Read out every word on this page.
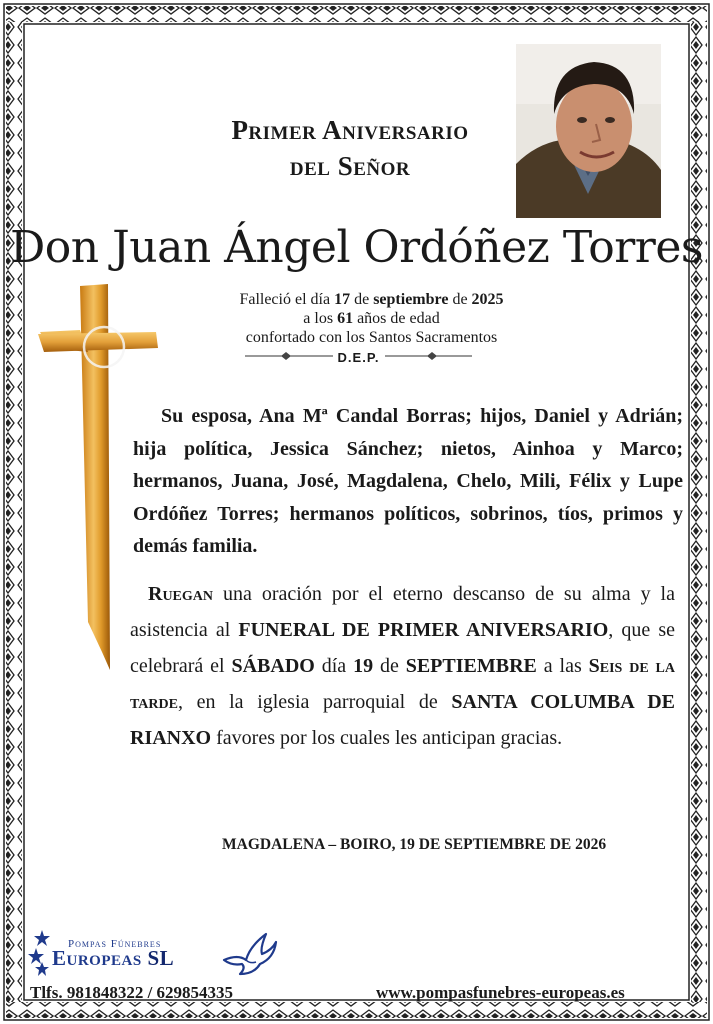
Primer Aniversario
del Señor
Don Juan Ángel Ordóñez Torres

Falleció el día 17 de septiembre de 2025

a los 61 años de edad

confortado con los Santos Sacramentos

D.E.P.

Su esposa, Ana Mª Candal Borras; hijos, Daniel y Adrián; hija política, Jessica Sánchez; nietos, Ainhoa y Marco; hermanos, Juana, José, Magdalena, Chelo, Mili, Félix y Lupe Ordóñez Torres; hermanos políticos, sobrinos, tíos, primos y demás familia.

Ruegan una oración por el eterno descanso de su alma y la asistencia al FUNERAL DE PRIMER ANIVERSARIO, que se celebrará el SÁBADO día 19 de SEPTIEMBRE a las Seis de la tarde, en la iglesia parroquial de SANTA COLUMBA DE RIANXO favores por los cuales les anticipan gracias.

MAGDALENA – BOIRO, 19 DE SEPTIEMBRE DE 2026
Pompas Fúnebres
Europeas SL
Tlfs. 981848322 / 629854335	www.pompasfunebres-europeas.es
